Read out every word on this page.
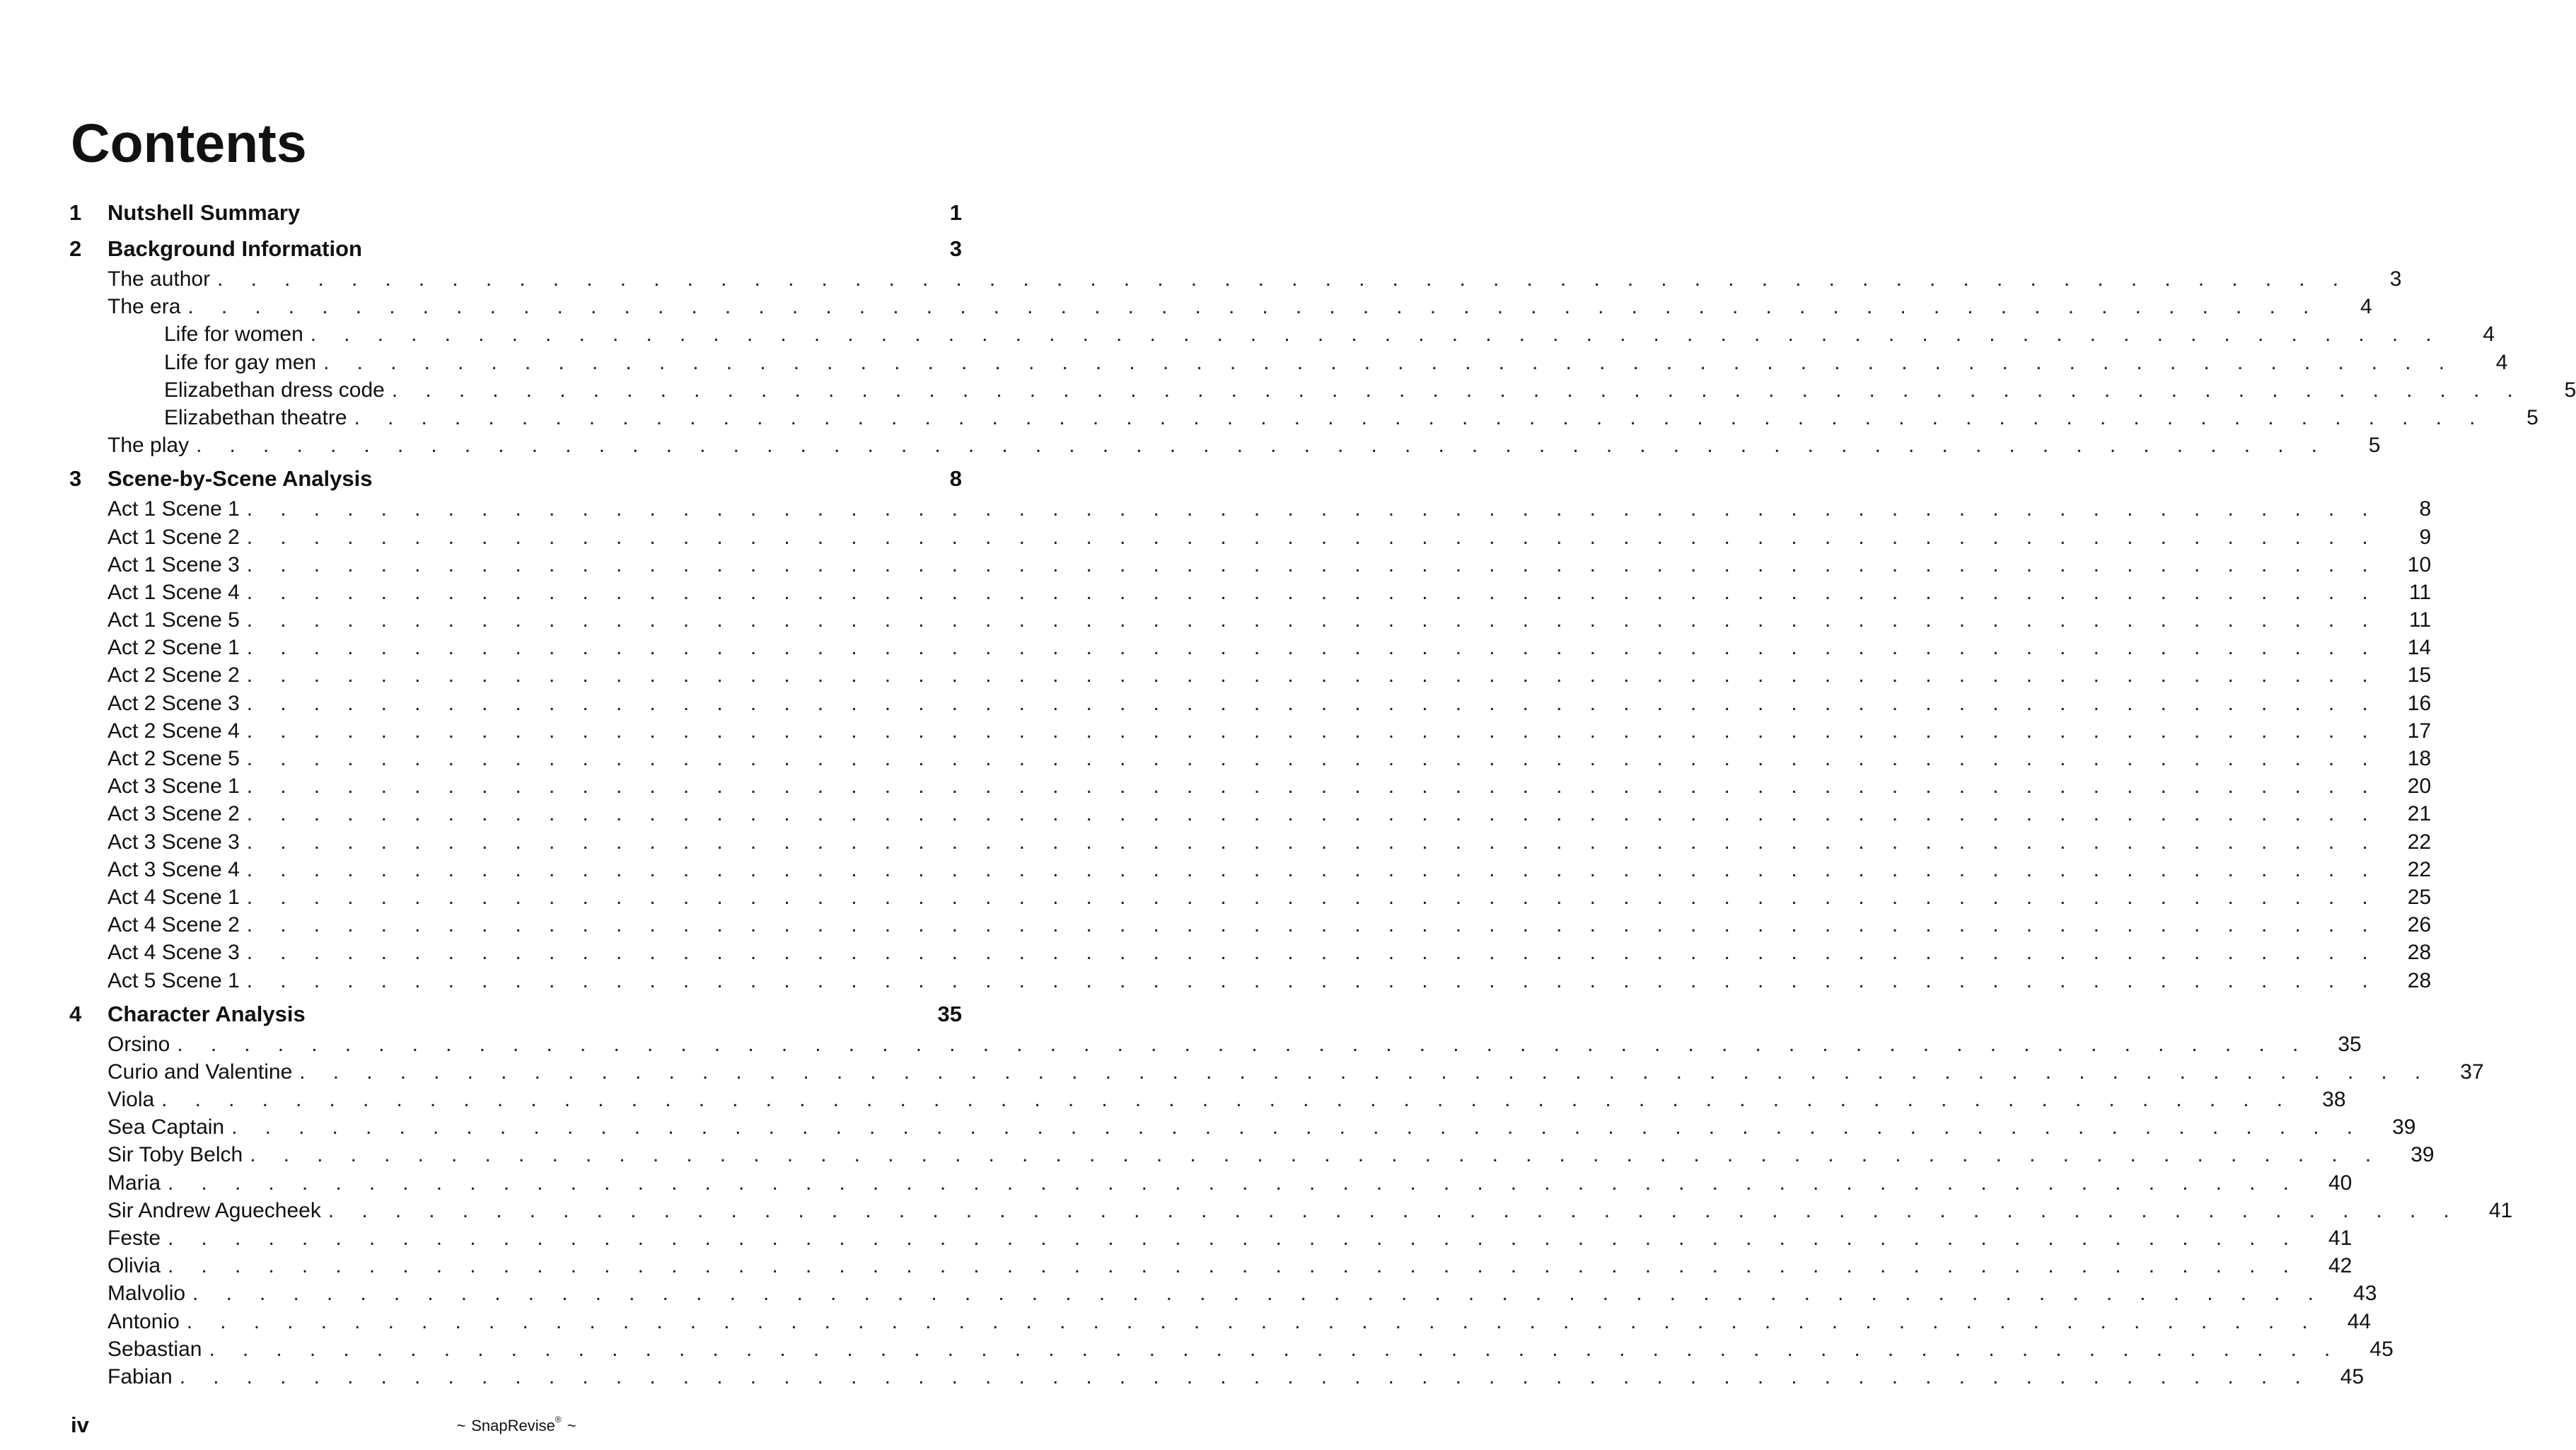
Contents
1	Nutshell Summary	1
2	Background Information	3
The author . . . . . . . . . . . . . . . . . . . . . . . . . . . . . . . . . . . . . . . . . . . . . . . . . . . . . . . . . . . . . . . .	3
The era . . . . . . . . . . . . . . . . . . . . . . . . . . . . . . . . . . . . . . . . . . . . . . . . . . . . . . . . . . . . . . . .	4
Life for women . . . . . . . . . . . . . . . . . . . . . . . . . . . . . . . . . . . . . . . . . . . . . . . . . . . . . . . . . . . . . . . .	4
Life for gay men . . . . . . . . . . . . . . . . . . . . . . . . . . . . . . . . . . . . . . . . . . . . . . . . . . . . . . . . . . . . . . . .	4
Elizabethan dress code . . . . . . . . . . . . . . . . . . . . . . . . . . . . . . . . . . . . . . . . . . . . . . . . . . . . . . . . . . . . . . . .	5
Elizabethan theatre . . . . . . . . . . . . . . . . . . . . . . . . . . . . . . . . . . . . . . . . . . . . . . . . . . . . . . . . . . . . . . . .	5
The play . . . . . . . . . . . . . . . . . . . . . . . . . . . . . . . . . . . . . . . . . . . . . . . . . . . . . . . . . . . . . . . .	5
3	Scene-by-Scene Analysis	8
Act 1 Scene 1 . . . . . . . . . . . . . . . . . . . . . . . . . . . . . . . . . . . . . . . . . . . . . . . . . . . . . . . . . . . . . . . .	8
Act 1 Scene 2 . . . . . . . . . . . . . . . . . . . . . . . . . . . . . . . . . . . . . . . . . . . . . . . . . . . . . . . . . . . . . . . .	9
Act 1 Scene 3 . . . . . . . . . . . . . . . . . . . . . . . . . . . . . . . . . . . . . . . . . . . . . . . . . . . . . . . . . . . . . . . .	10
Act 1 Scene 4 . . . . . . . . . . . . . . . . . . . . . . . . . . . . . . . . . . . . . . . . . . . . . . . . . . . . . . . . . . . . . . . .	11
Act 1 Scene 5 . . . . . . . . . . . . . . . . . . . . . . . . . . . . . . . . . . . . . . . . . . . . . . . . . . . . . . . . . . . . . . . .	11
Act 2 Scene 1 . . . . . . . . . . . . . . . . . . . . . . . . . . . . . . . . . . . . . . . . . . . . . . . . . . . . . . . . . . . . . . . .	14
Act 2 Scene 2 . . . . . . . . . . . . . . . . . . . . . . . . . . . . . . . . . . . . . . . . . . . . . . . . . . . . . . . . . . . . . . . .	15
Act 2 Scene 3 . . . . . . . . . . . . . . . . . . . . . . . . . . . . . . . . . . . . . . . . . . . . . . . . . . . . . . . . . . . . . . . .	16
Act 2 Scene 4 . . . . . . . . . . . . . . . . . . . . . . . . . . . . . . . . . . . . . . . . . . . . . . . . . . . . . . . . . . . . . . . .	17
Act 2 Scene 5 . . . . . . . . . . . . . . . . . . . . . . . . . . . . . . . . . . . . . . . . . . . . . . . . . . . . . . . . . . . . . . . .	18
Act 3 Scene 1 . . . . . . . . . . . . . . . . . . . . . . . . . . . . . . . . . . . . . . . . . . . . . . . . . . . . . . . . . . . . . . . .	20
Act 3 Scene 2 . . . . . . . . . . . . . . . . . . . . . . . . . . . . . . . . . . . . . . . . . . . . . . . . . . . . . . . . . . . . . . . .	21
Act 3 Scene 3 . . . . . . . . . . . . . . . . . . . . . . . . . . . . . . . . . . . . . . . . . . . . . . . . . . . . . . . . . . . . . . . .	22
Act 3 Scene 4 . . . . . . . . . . . . . . . . . . . . . . . . . . . . . . . . . . . . . . . . . . . . . . . . . . . . . . . . . . . . . . . .	22
Act 4 Scene 1 . . . . . . . . . . . . . . . . . . . . . . . . . . . . . . . . . . . . . . . . . . . . . . . . . . . . . . . . . . . . . . . .	25
Act 4 Scene 2 . . . . . . . . . . . . . . . . . . . . . . . . . . . . . . . . . . . . . . . . . . . . . . . . . . . . . . . . . . . . . . . .	26
Act 4 Scene 3 . . . . . . . . . . . . . . . . . . . . . . . . . . . . . . . . . . . . . . . . . . . . . . . . . . . . . . . . . . . . . . . .	28
Act 5 Scene 1 . . . . . . . . . . . . . . . . . . . . . . . . . . . . . . . . . . . . . . . . . . . . . . . . . . . . . . . . . . . . . . . .	28
4	Character Analysis	35
Orsino . . . . . . . . . . . . . . . . . . . . . . . . . . . . . . . . . . . . . . . . . . . . . . . . . . . . . . . . . . . . . . . .	35
Curio and Valentine . . . . . . . . . . . . . . . . . . . . . . . . . . . . . . . . . . . . . . . . . . . . . . . . . . . . . . . . . . . . . . . .	37
Viola . . . . . . . . . . . . . . . . . . . . . . . . . . . . . . . . . . . . . . . . . . . . . . . . . . . . . . . . . . . . . . . .	38
Sea Captain . . . . . . . . . . . . . . . . . . . . . . . . . . . . . . . . . . . . . . . . . . . . . . . . . . . . . . . . . . . . . . . .	39
Sir Toby Belch . . . . . . . . . . . . . . . . . . . . . . . . . . . . . . . . . . . . . . . . . . . . . . . . . . . . . . . . . . . . . . . .	39
Maria . . . . . . . . . . . . . . . . . . . . . . . . . . . . . . . . . . . . . . . . . . . . . . . . . . . . . . . . . . . . . . . .	40
Sir Andrew Aguecheek . . . . . . . . . . . . . . . . . . . . . . . . . . . . . . . . . . . . . . . . . . . . . . . . . . . . . . . . . . . . . . . .	41
Feste . . . . . . . . . . . . . . . . . . . . . . . . . . . . . . . . . . . . . . . . . . . . . . . . . . . . . . . . . . . . . . . .	41
Olivia . . . . . . . . . . . . . . . . . . . . . . . . . . . . . . . . . . . . . . . . . . . . . . . . . . . . . . . . . . . . . . . .	42
Malvolio . . . . . . . . . . . . . . . . . . . . . . . . . . . . . . . . . . . . . . . . . . . . . . . . . . . . . . . . . . . . . . . .	43
Antonio . . . . . . . . . . . . . . . . . . . . . . . . . . . . . . . . . . . . . . . . . . . . . . . . . . . . . . . . . . . . . . . .	44
Sebastian . . . . . . . . . . . . . . . . . . . . . . . . . . . . . . . . . . . . . . . . . . . . . . . . . . . . . . . . . . . . . . . .	45
Fabian . . . . . . . . . . . . . . . . . . . . . . . . . . . . . . . . . . . . . . . . . . . . . . . . . . . . . . . . . . . . . . . .	45
iv	~ SnapRevise® ~
